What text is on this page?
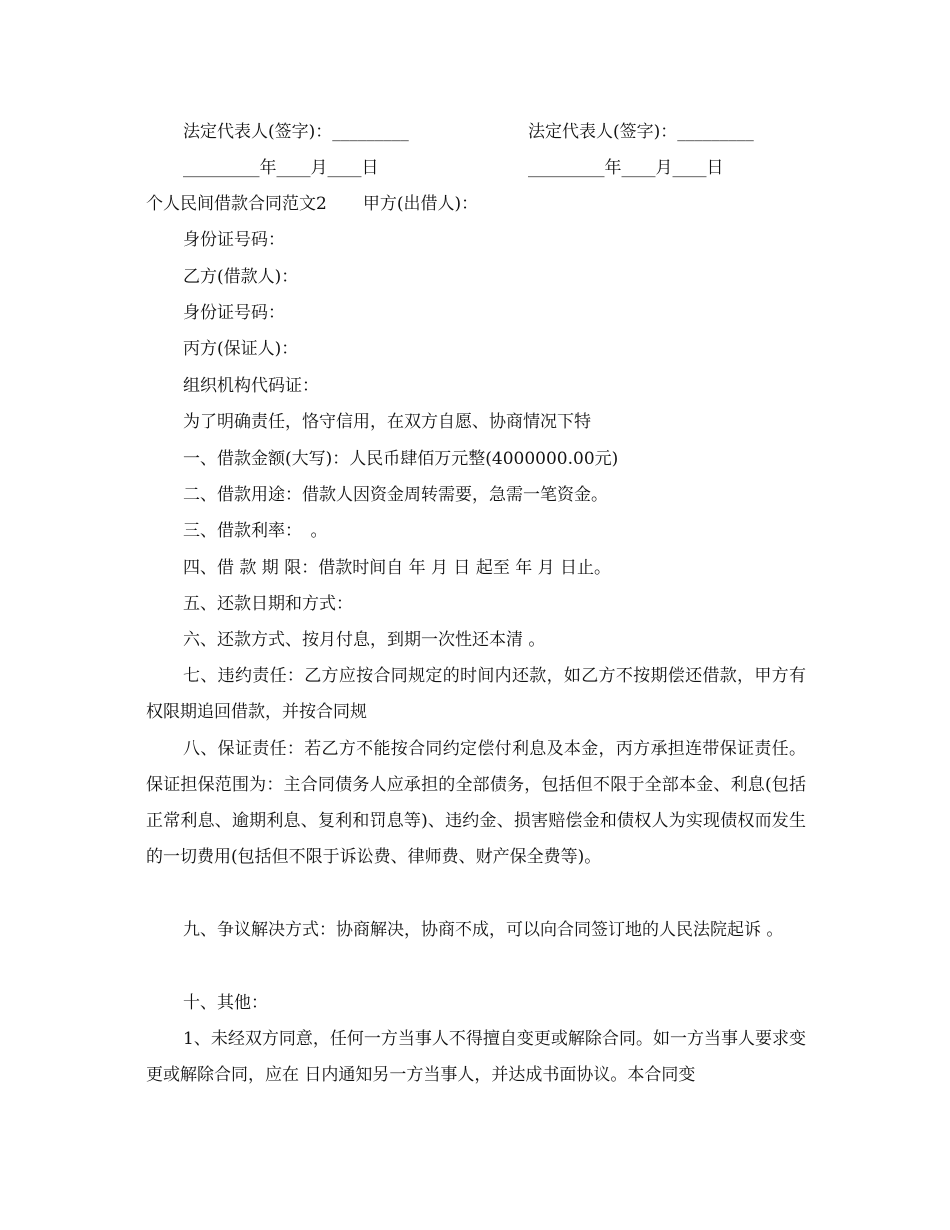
法定代表人(签字)：_________	法定代表人(签字)：_________
_________年____月____日	_________年____月____日
个人民间借款合同范文2 甲方(出借人)：
身份证号码：
乙方(借款人)：
身份证号码：
丙方(保证人)：
组织机构代码证：
为了明确责任，恪守信用，在双方自愿、协商情况下特
一、借款金额(大写)：人民币肆佰万元整(4000000.00元)
二、借款用途：借款人因资金周转需要，急需一笔资金。
三、借款利率：　。
四、借 款 期 限：借款时间自 年 月 日 起至 年 月 日止。
五、还款日期和方式：
六、还款方式、按月付息，到期一次性还本清 。

七、违约责任：乙方应按合同规定的时间内还款，如乙方不按期偿还借款，甲方有权限期追回借款，并按合同规

八、保证责任：若乙方不能按合同约定偿付利息及本金，丙方承担连带保证责任。保证担保范围为：主合同债务人应承担的全部债务，包括但不限于全部本金、利息(包括正常利息、逾期利息、复利和罚息等)、违约金、损害赔偿金和债权人为实现债权而发生的一切费用(包括但不限于诉讼费、律师费、财产保全费等)。

九、争议解决方式：协商解决，协商不成，可以向合同签订地的人民法院起诉 。

十、其他：

1、未经双方同意，任何一方当事人不得擅自变更或解除合同。如一方当事人要求变更或解除合同，应在 日内通知另一方当事人，并达成书面协议。本合同变
